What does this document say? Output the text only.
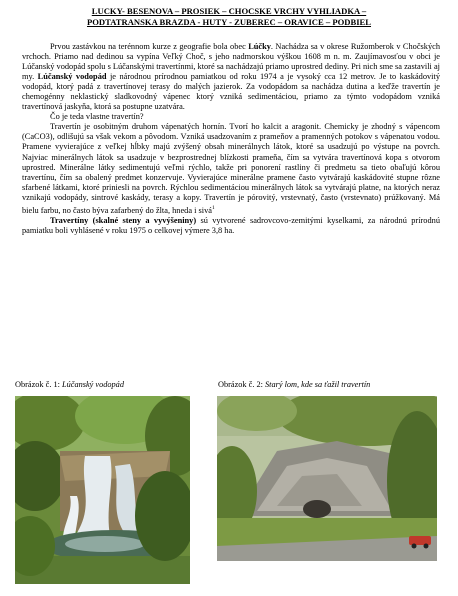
LUCKY- BESENOVA – PROSIEK – CHOCSKE VRCHY VYHLIADKA –
PODTATRANSKA BRAZDA - HUTY - ZUBEREC – ORAVICE – PODBIEL

Prvou zastávkou na terénnom kurze z geografie bola obec Lúčky. Nachádza sa v okrese Ružomberok v Chočských vrchoch. Priamo nad dedinou sa vypína Veľký Choč, s jeho nadmorskou výškou 1608 m n. m. Zaujímavosťou v obci je Lúčanský vodopád spolu s Lúčanskými travertínmi, ktoré sa nachádzajú priamo uprostred dediny. Pri nich sme sa zastavili aj my. Lúčanský vodopád je národnou prírodnou pamiatkou od roku 1974 a je vysoký cca 12 metrov. Je to kaskádovitý vodopád, ktorý padá z travertínovej terasy do malých jazierok. Za vodopádom sa nachádza dutina a keďže travertín je chemogénny neklastický sladkovodný vápenec ktorý vzniká sedimentáciou, priamo za týmto vodopádom vzniká travertínová jaskyňa, ktorá sa postupne uzatvára.

Čo je teda vlastne travertín?

Travertín je osobitným druhom vápenatých hornín. Tvorí ho kalcit a aragonit. Chemicky je zhodný s vápencom (CaCO3), odlišujú sa však vekom a pôvodom. Vzniká usadzovaním z prameňov a pramenných potokov s vápenatou vodou. Pramene vyvierajúce z veľkej hĺbky majú zvýšený obsah minerálnych látok, ktoré sa usadzujú po výstupe na povrch. Najviac minerálnych látok sa usadzuje v bezprostrednej blízkosti prameňa, čím sa vytvára travertínová kopa s otvorom uprostred. Minerálne látky sedimentujú veľmi rýchlo, takže pri ponorení rastliny či predmetu sa tieto obaľujú kôrou travertínu, čím sa obalený predmet konzervuje. Vyvierajúce minerálne pramene často vytvárajú kaskádovité stupne rôzne sfarbené látkami, ktoré priniesli na povrch. Rýchlou sedimentáciou minerálnych látok sa vytvárajú platne, na ktorých neraz vznikajú vodopády, sintrové kaskády, terasy a kopy. Travertín je pórovitý, vrstevnatý, často (vrstevnato) prúžkovaný. Má bielu farbu, no často býva zafarbený do žlta, hneda i sivá$^1$

Travertíny (skalné steny a vyvýšeniny) sú vytvorené sadrovcovo-zemitými kyselkami, za národnú prírodnú pamiatku boli vyhlásené v roku 1975 o celkovej výmere 3,8 ha.

Obrázok č. 1: Lúčanský vodopád	Obrázok č. 2: Starý lom, kde sa ťažil travertín
